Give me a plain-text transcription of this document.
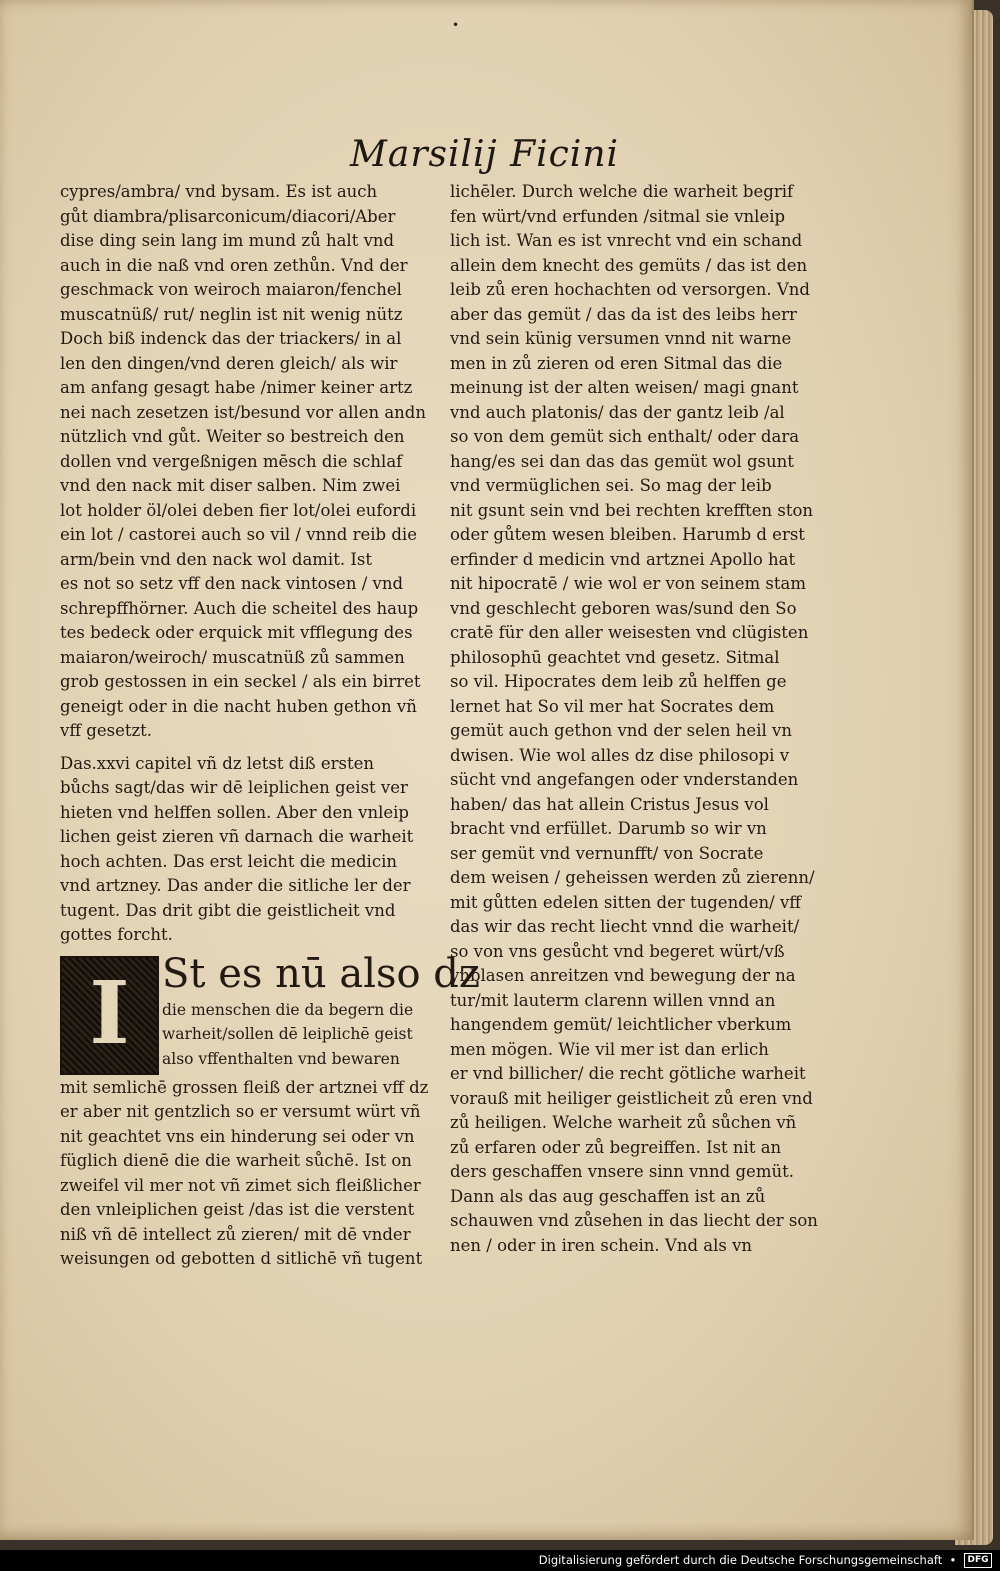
•
Marsilij Ficini
cypres/ambra/ vnd bysam. Es ist auch
gůt diambra/plisarconicum/diacori/Aber
dise ding sein lang im mund zů halt vnd
auch in die naß vnd oren zethůn. Vnd der
geschmack von weiroch maiaron/fenchel
muscatnüß/ rut/ neglin ist nit wenig nütz
Doch biß indenck das der triackers/ in al
len den dingen/vnd deren gleich/ als wir
am anfang gesagt habe /nimer keiner artz
nei nach zesetzen ist/besund vor allen andn
nützlich vnd gůt. Weiter so bestreich den
dollen vnd vergeßnigen mēsch die schlaf
vnd den nack mit diser salben. Nim zwei
lot holder öl/olei deben fier lot/olei eufordi
ein lot / castorei auch so vil / vnnd reib die
arm/bein vnd den nack wol damit. Ist
es not so setz vff den nack vintosen / vnd
schrepffhörner. Auch die scheitel des haup
tes bedeck oder erquick mit vfflegung des
maiaron/weiroch/ muscatnüß zů sammen
grob gestossen in ein seckel / als ein birret
geneigt oder in die nacht huben gethon vñ
vff gesetzt.
Das.xxvi capitel vñ dz letst diß ersten
bůchs sagt/das wir dē leiplichen geist ver
hieten vnd helffen sollen. Aber den vnleip
lichen geist zieren vñ darnach die warheit
hoch achten. Das erst leicht die medicin
vnd artzney. Das ander die sitliche ler der
tugent. Das drit gibt die geistlicheit vnd
gottes forcht.
I St es nū also dz
die menschen die da begern die
warheit/sollen dē leiplichē geist
also vffenthalten vnd bewaren
mit semlichē grossen fleiß der artznei vff dz
er aber nit gentzlich so er versumt würt vñ
nit geachtet vns ein hinderung sei oder vn
füglich dienē die die warheit sůchē. Ist on
zweifel vil mer not vñ zimet sich fleißlicher
den vnleiplichen geist /das ist die verstent
niß vñ dē intellect zů zieren/ mit dē vnder
weisungen od gebotten d sitlichē vñ tugent
lichēler. Durch welche die warheit begrif
fen würt/vnd erfunden /sitmal sie vnleip
lich ist. Wan es ist vnrecht vnd ein schand
allein dem knecht des gemüts / das ist den
leib zů eren hochachten od versorgen. Vnd
aber das gemüt / das da ist des leibs herr
vnd sein künig versumen vnnd nit warne
men in zů zieren od eren Sitmal das die
meinung ist der alten weisen/ magi gnant
vnd auch platonis/ das der gantz leib /al
so von dem gemüt sich enthalt/ oder dara
hang/es sei dan das das gemüt wol gsunt
vnd vermüglichen sei. So mag der leib
nit gsunt sein vnd bei rechten krefften ston
oder gůtem wesen bleiben. Harumb d erst
erfinder d medicin vnd artznei Apollo hat
nit hipocratē / wie wol er von seinem stam
vnd geschlecht geboren was/sund den So
cratē für den aller weisesten vnd clügisten
philosophū geachtet vnd gesetz. Sitmal
so vil. Hipocrates dem leib zů helffen ge
lernet hat So vil mer hat Socrates dem
gemüt auch gethon vnd der selen heil vn
dwisen. Wie wol alles dz dise philosopi v
sücht vnd angefangen oder vnderstanden
haben/ das hat allein Cristus Jesus vol
bracht vnd erfüllet. Darumb so wir vn
ser gemüt vnd vernunfft/ von Socrate
dem weisen / geheissen werden zů zierenn/
mit gůtten edelen sitten der tugenden/ vff
das wir das recht liecht vnnd die warheit/
so von vns gesůcht vnd begeret würt/vß
ynblasen anreitzen vnd bewegung der na
tur/mit lauterm clarenn willen vnnd an
hangendem gemüt/ leichtlicher vberkum
men mögen. Wie vil mer ist dan erlich
er vnd billicher/ die recht götliche warheit
vorauß mit heiliger geistlicheit zů eren vnd
zů heiligen. Welche warheit zů sůchen vñ
zů erfaren oder zů begreiffen. Ist nit an
ders geschaffen vnsere sinn vnnd gemüt.
Dann als das aug geschaffen ist an zů
schauwen vnd zůsehen in das liecht der son
nen / oder in iren schein. Vnd als vn
Digitalisierung gefördert durch die Deutsche Forschungsgemeinschaft  • DFG
